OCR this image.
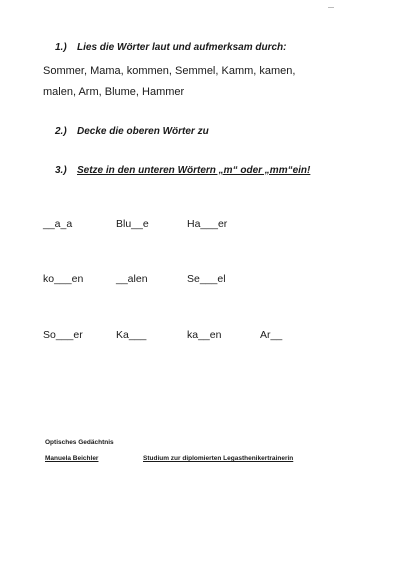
1.) Lies die Wörter laut und aufmerksam durch:
Sommer, Mama, kommen, Semmel, Kamm, kamen,
malen, Arm, Blume, Hammer
2.) Decke die oberen Wörter zu
3.) Setze in den unteren Wörtern „m“ oder „mm“ein!
__a_a	Blu__e	Ha___er
ko___en	__alen	Se___el
So___er	Ka___	ka__en	Ar__
Optisches Gedächtnis
Manuela Beichler	Studium zur diplomierten Legasthenikertrainerin
